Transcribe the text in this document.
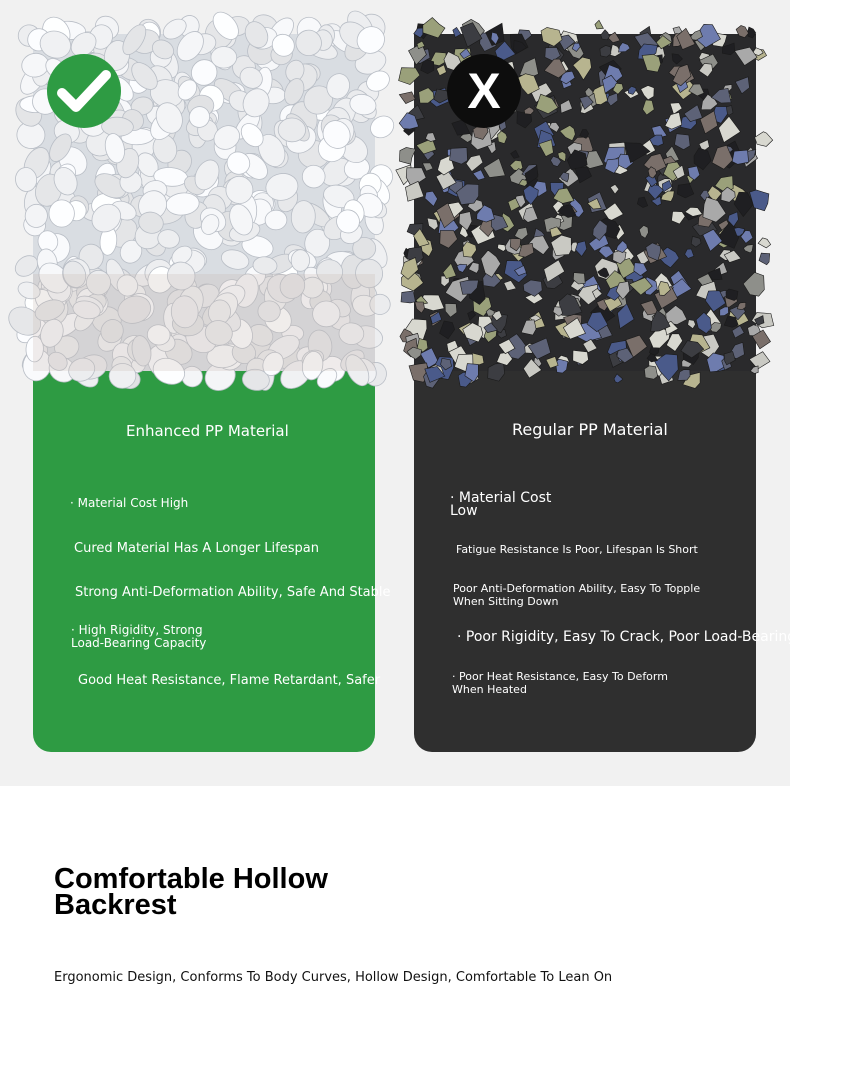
Enhanced PP Material
· Material Cost High
Cured Material Has A Longer Lifespan
Strong Anti-Deformation Ability, Safe And Stable
· High Rigidity, Strong
Load-Bearing Capacity
Good Heat Resistance, Flame Retardant, Safer
X
Regular PP Material
· Material Cost
Low
Fatigue Resistance Is Poor, Lifespan Is Short
Poor Anti-Deformation Ability, Easy To Topple
When Sitting Down
· Poor Rigidity, Easy To Crack, Poor Load-Bearing Capacity
· Poor Heat Resistance, Easy To Deform
When Heated
Comfortable Hollow Backrest
Ergonomic Design, Conforms To Body Curves, Hollow Design, Comfortable To Lean On
